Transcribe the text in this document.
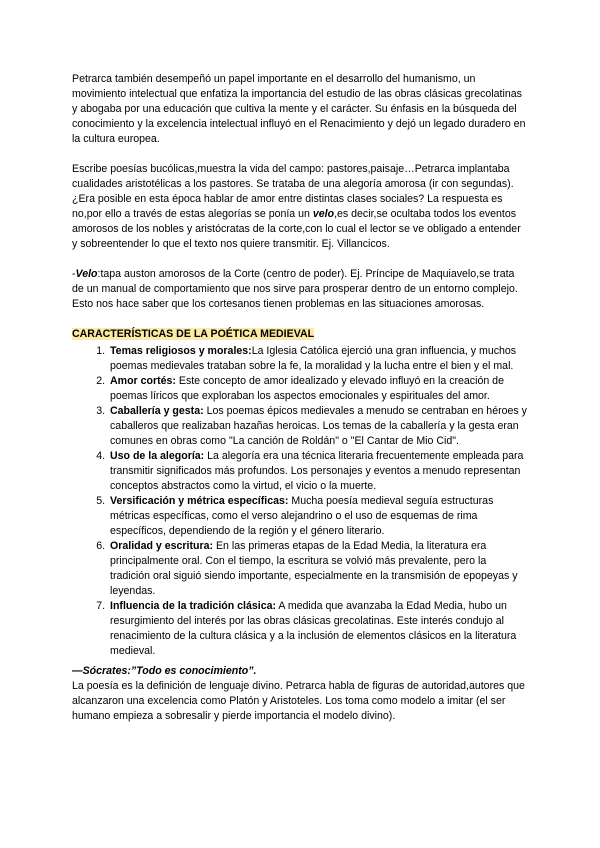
Petrarca también desempeñó un papel importante en el desarrollo del humanismo, un movimiento intelectual que enfatiza la importancia del estudio de las obras clásicas grecolatinas y abogaba por una educación que cultiva la mente y el carácter. Su énfasis en la búsqueda del conocimiento y la excelencia intelectual influyó en el Renacimiento y dejó un legado duradero en la cultura europea.

Escribe poesías bucólicas,muestra la vida del campo: pastores,paisaje…Petrarca implantaba cualidades aristotélicas a los pastores. Se trataba de una alegoría amorosa (ir con segundas). ¿Era posible en esta época hablar de amor entre distintas clases sociales? La respuesta es no,por ello a través de estas alegorías se ponía un velo,es decir,se ocultaba todos los eventos amorosos de los nobles y aristócratas de la corte,con lo cual el lector se ve obligado a entender y sobreentender lo que el texto nos quiere transmitir. Ej. Villancicos.

-Velo:tapa auston amorosos de la Corte (centro de poder). Ej. Príncipe de Maquiavelo,se trata de un manual de comportamiento que nos sirve para prosperar dentro de un entorno complejo. Esto nos hace saber que los cortesanos tienen problemas en las situaciones amorosas.

CARACTERÍSTICAS DE LA POÉTICA MEDIEVAL
1. Temas religiosos y morales:La Iglesia Católica ejerció una gran influencia, y muchos poemas medievales trataban sobre la fe, la moralidad y la lucha entre el bien y el mal.
2. Amor cortés: Este concepto de amor idealizado y elevado influyó en la creación de poemas líricos que exploraban los aspectos emocionales y espirituales del amor.
3. Caballería y gesta: Los poemas épicos medievales a menudo se centraban en héroes y caballeros que realizaban hazañas heroicas. Los temas de la caballería y la gesta eran comunes en obras como "La canción de Roldán" o "El Cantar de Mio Cid".
4. Uso de la alegoría: La alegoría era una técnica literaria frecuentemente empleada para transmitir significados más profundos. Los personajes y eventos a menudo representan conceptos abstractos como la virtud, el vicio o la muerte.
5. Versificación y métrica específicas: Mucha poesía medieval seguía estructuras métricas específicas, como el verso alejandrino o el uso de esquemas de rima específicos, dependiendo de la región y el género literario.
6. Oralidad y escritura: En las primeras etapas de la Edad Media, la literatura era principalmente oral. Con el tiempo, la escritura se volvió más prevalente, pero la tradición oral siguió siendo importante, especialmente en la transmisión de epopeyas y leyendas.
7. Influencia de la tradición clásica: A medida que avanzaba la Edad Media, hubo un resurgimiento del interés por las obras clásicas grecolatinas. Este interés condujo al renacimiento de la cultura clásica y a la inclusión de elementos clásicos en la literatura medieval.

—Sócrates:”Todo es conocimiento”.

La poesía es la definición de lenguaje divino. Petrarca habla de figuras de autoridad,autores que alcanzaron una excelencia como Platón y Aristoteles. Los toma como modelo a imitar (el ser humano empieza a sobresalir y pierde importancia el modelo divino).
